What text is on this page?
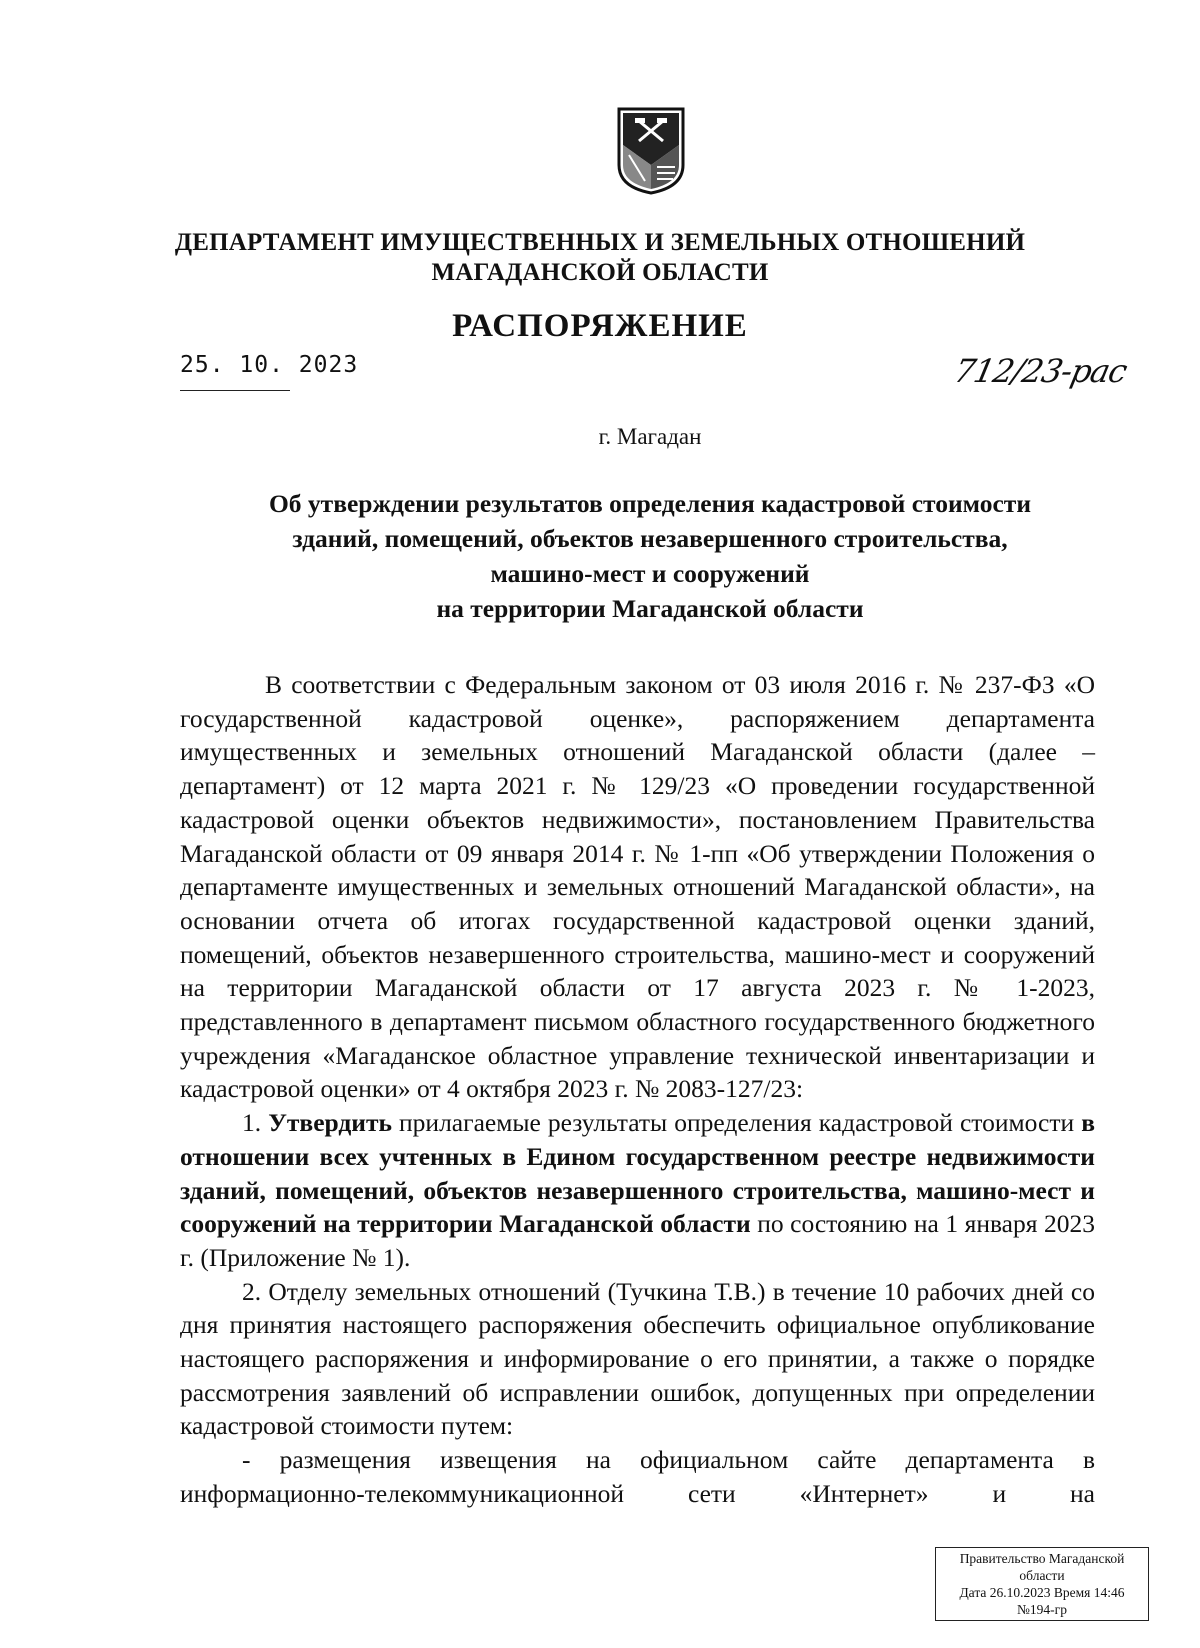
ДЕПАРТАМЕНТ ИМУЩЕСТВЕННЫХ И ЗЕМЕЛЬНЫХ ОТНОШЕНИЙ
МАГАДАНСКОЙ ОБЛАСТИ
РАСПОРЯЖЕНИЕ
25. 10. 2023	712/23-рас
г. Магадан
Об утверждении результатов определения кадастровой стоимости
зданий, помещений, объектов незавершенного строительства,
машино-мест и сооружений
на территории Магаданской области

В соответствии с Федеральным законом от 03 июля 2016 г. № 237-ФЗ «О государственной кадастровой оценке», распоряжением департамента имущественных и земельных отношений Магаданской области (далее – департамент) от 12 марта 2021 г. № 129/23 «О проведении государственной кадастровой оценки объектов недвижимости», постановлением Правительства Магаданской области от 09 января 2014 г. № 1-пп «Об утверждении Положения о департаменте имущественных и земельных отношений Магаданской области», на основании отчета об итогах государственной кадастровой оценки зданий, помещений, объектов незавершенного строительства, машино-мест и сооружений на территории Магаданской области от 17 августа 2023 г. № 1-2023, представленного в департамент письмом областного государственного бюджетного учреждения «Магаданское областное управление технической инвентаризации и кадастровой оценки» от 4 октября 2023 г. № 2083-127/23:

1. Утвердить прилагаемые результаты определения кадастровой стоимости в отношении всех учтенных в Едином государственном реестре недвижимости зданий, помещений, объектов незавершенного строительства, машино-мест и сооружений на территории Магаданской области по состоянию на 1 января 2023 г. (Приложение № 1).

2. Отделу земельных отношений (Тучкина Т.В.) в течение 10 рабочих дней со дня принятия настоящего распоряжения обеспечить официальное опубликование настоящего распоряжения и информирование о его принятии, а также о порядке рассмотрения заявлений об исправлении ошибок, допущенных при определении кадастровой стоимости путем:

- размещения извещения на официальном сайте департамента в информационно-телекоммуникационной сети «Интернет» и на

Правительство Магаданской
области
Дата 26.10.2023 Время 14:46
№194-гр
